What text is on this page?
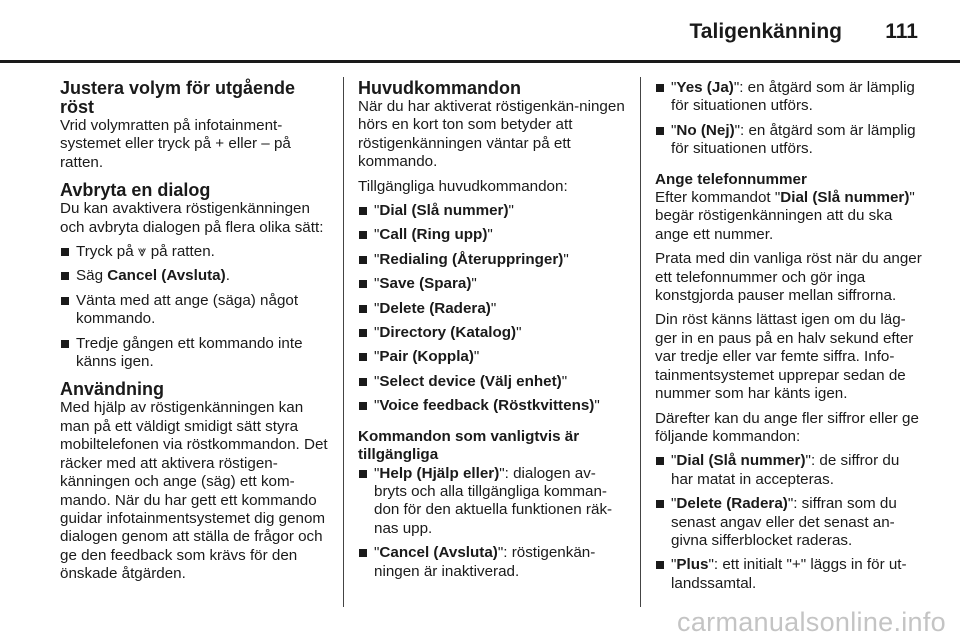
Taligenkänning 111
Justera volym för utgående röst

Vrid volymratten på infotainment-systemet eller tryck på + eller – på ratten.

Avbryta en dialog

Du kan avaktivera röstigenkänningen och avbryta dialogen på flera olika sätt:

Tryck på ⩔ på ratten.
Säg Cancel (Avsluta).
Vänta med att ange (säga) något kommando.
Tredje gången ett kommando inte känns igen.
Användning

Med hjälp av röstigenkänningen kan man på ett väldigt smidigt sätt styra mobiltelefonen via röstkommandon. Det räcker med att aktivera röstigen-känningen och ange (säg) ett kom-mando. När du har gett ett kommando guidar infotainmentsystemet dig genom dialogen genom att ställa de frågor och ge den feedback som krävs för den önskade åtgärden.

Huvudkommandon

När du har aktiverat röstigenkän-ningen hörs en kort ton som betyder att röstigenkänningen väntar på ett kommando.

Tillgängliga huvudkommandon:

"Dial (Slå nummer)"
"Call (Ring upp)"
"Redialing (Återuppringer)"
"Save (Spara)"
"Delete (Radera)"
"Directory (Katalog)"
"Pair (Koppla)"
"Select device (Välj enhet)"
"Voice feedback (Röstkvittens)"
Kommandon som vanligtvis är tillgängliga
"Help (Hjälp eller)": dialogen av-bryts och alla tillgängliga komman-don för den aktuella funktionen räk-nas upp.
"Cancel (Avsluta)": röstigenkän-ningen är inaktiverad.
"Yes (Ja)": en åtgärd som är lämplig för situationen utförs.
"No (Nej)": en åtgärd som är lämplig för situationen utförs.
Ange telefonnummer

Efter kommandot "Dial (Slå nummer)" begär röstigenkänningen att du ska ange ett nummer.

Prata med din vanliga röst när du anger ett telefonnummer och gör inga konstgjorda pauser mellan siffrorna.

Din röst känns lättast igen om du läg-ger in en paus på en halv sekund efter var tredje eller var femte siffra. Info-tainmentsystemet upprepar sedan de nummer som har känts igen.

Därefter kan du ange fler siffror eller ge följande kommandon:

"Dial (Slå nummer)": de siffror du har matat in accepteras.
"Delete (Radera)": siffran som du senast angav eller det senast an-givna sifferblocket raderas.
"Plus": ett initialt "+" läggs in för ut-landssamtal.
carmanualsonline.info
